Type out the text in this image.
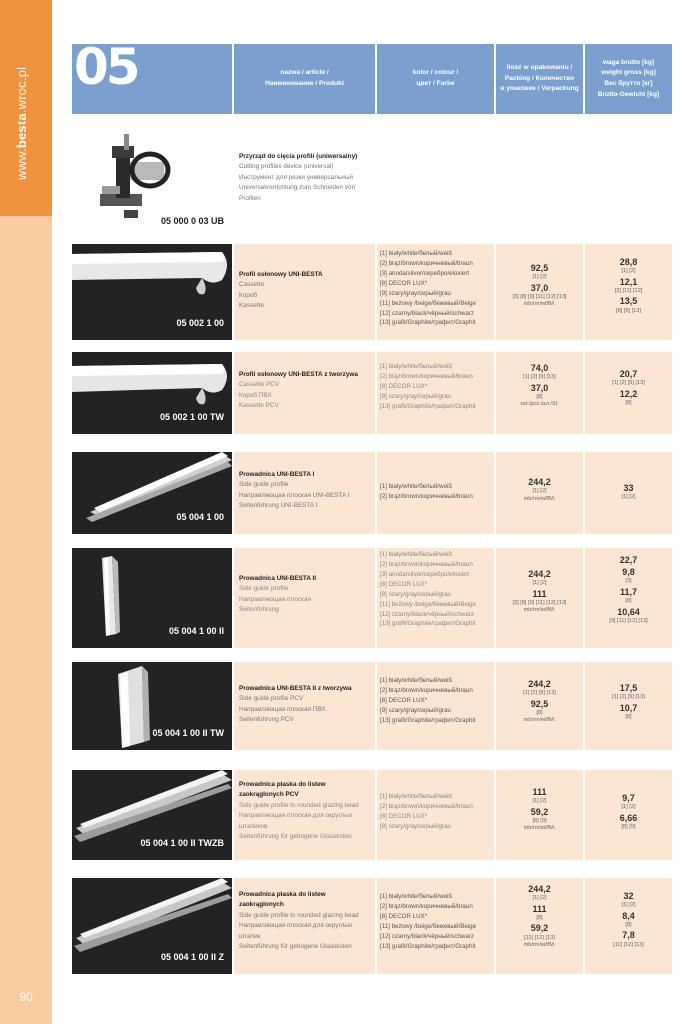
www.besta.wroc.pl
90
05	nazwa / article /
Наименование / Produkt
kolor / colour /
цвет / Farbe
Ilość w opakowaniu /
Packing / Количество
в упаковке / Verpackung
waga brutto [kg]
weight gross [kg]
Вес брутто [кг]
Brutto-Gewicht [kg]
05 000 0 03 UB
Przyrząd do cięcia profili (uniwersalny)
Cutting profiles device (universal)
Инструмент для резки универсальный
Universalvorrichtung zum Schneiden von
Profilen
05 002 1 00
Profil osłonowy UNI-BESTA
Cassette
Короб
Kassette
[1] biały/white/белый/weiß
[2] brąz/brown/коричневый/braun
[3] anoda/silver/серебро/eloxiert
[8] DECOR LUX*
[9] szary/gray/серый/grau
[11] beżowy /beige/бежевый/Beige
[12] czarny/black/чёрный/schwarz
[13] grafit/Graphite/графит/Graphit
92,5
[1] [2]
37,0
[3] [8] [9] [11] [12] [13]
mb/rm/м/lfM.
28,8
[1] [2]
12,1
[3] [11] [12]
13,5
[8] [9] [13]
05 002 1 00 TW
Profil osłonowy UNI-BESTA z tworzywa
Cassette PCV
Короб ПВХ
Kassette PCV
[1] biały/white/белый/weiß
[2] brąz/brown/коричневый/braun
[8] DECOR LUX*
[9] szary/gray/серый/grau
[13] grafit/Graphite/графит/Graphit
74,0
[1] [2] [9] [13]
37,0
[8]
szt./pcs./шт./St.
20,7
[1] [2] [9] [13]
12,2
[8]
05 004 1 00
Prowadnica UNI-BESTA I
Side guide profile
Направляющая плоская UNI-BESTA I
Seitenführung UNI-BESTA I
[1] biały/white/белый/weiß
[2] brąz/brown/коричневый/braun
244,2
[1] [2]
mb/rm/м/lfM.
33
[1] [2]
05 004 1 00 II
Prowadnica UNI-BESTA II
Side guide profile
Направляющая плоская
Seitenführung
[1] biały/white/белый/weiß
[2] brąz/brown/коричневый/braun
[3] anoda/silver/серебро/eloxiert
[8] DECOR LUX*
[9] szary/gray/серый/grau
[11] beżowy /beige/бежевый/Beige
[12] czarny/black/чёрный/schwarz
[13] grafit/Graphite/графит/Graphit
244,2
[1] [2]
111
[3] [8] [9] [11] [12] [13]
mb/rm/м/lfM.
22,7
9,8
[3]
11,7
[8]
10,64
[9] [11] [12] [13]
05 004 1 00 II TW
Prowadnica UNI-BESTA II z tworzywa
Side guide profile PCV
Направляющая плоская ПВХ
Seitenführung PCV
[1] biały/white/белый/weiß
[2] brąz/brown/коричневый/braun
[8] DECOR LUX*
[9] szary/gray/серый/grau
[13] grafit/Graphite/графит/Graphit
244,2
[1] [2] [9] [13]
92,5
[8]
mb/rm/м/lfM.
17,5
[1] [2] [9] [13]
10,7
[8]
05 004 1 00 II TWZB
Prowadnica płaska do listew
zaokrąglonych PCV
Side guide profile to rounded glazing bead
Направляющая плоская для округлых
штапиков
Seitenführung für gebogene Glasleisten
[1] biały/white/белый/weiß
[2] brąz/brown/коричневый/braun
[8] DECOR LUX*
[9] szary/gray/серый/grau
111
[1] [2]
59,2
[8] [9]
mb/rm/м/lfM.
9,7
[1] [2]
6,66
[8] [9]
05 004 1 00 II Z
Prowadnica płaska do listew
zaokrąglonych
Side guide profile to rounded glazing bead
Направляющая плоская для округлых
штапик
Seitenführung für gebogene Glasleisten
[1] biały/white/белый/weiß
[2] brąz/brown/коричневый/braun
[8] DECOR LUX*
[11] beżowy /beige/бежевый/Beige
[12] czarny/black/чёрный/schwarz
[13] grafit/Graphite/графит/Graphit
244,2
[1] [2]
111
[8]
59,2
[11] [12] [13]
mb/rm/м/lfM.
32
[1] [2]
8,4
[8]
7,8
[11] [12] [13]
